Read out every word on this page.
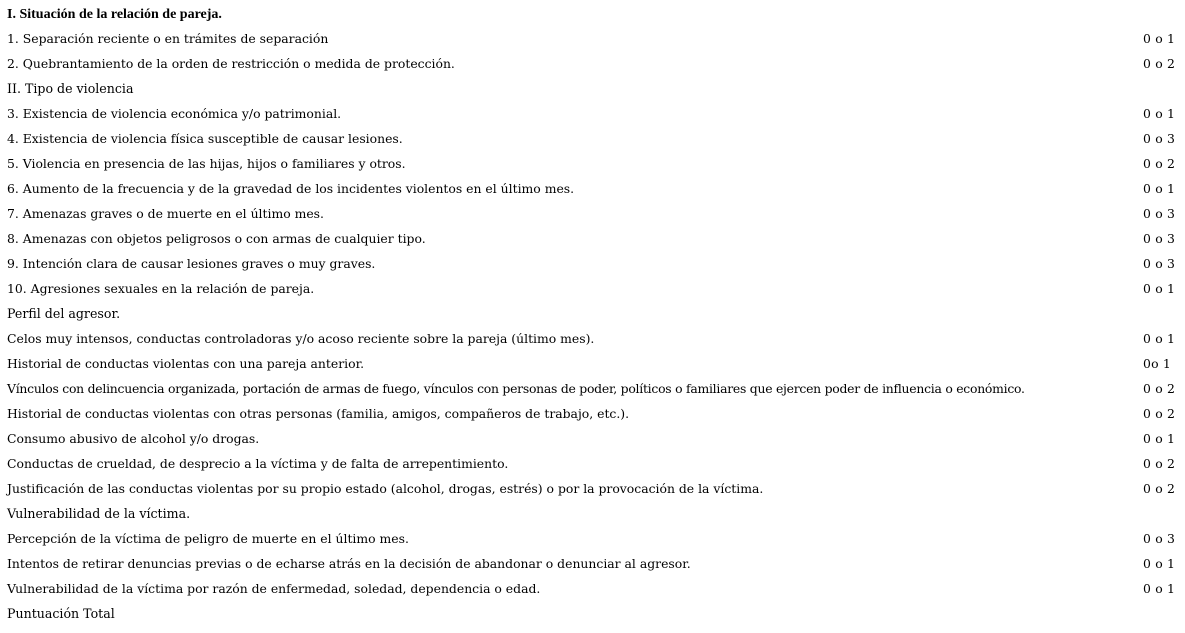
I. Situación de la relación de pareja.
1. Separación reciente o en trámites de separación	0 o 1
2. Quebrantamiento de la orden de restricción o medida de protección.	0 o 2
II. Tipo de violencia
3. Existencia de violencia económica y/o patrimonial.	0 o 1
4. Existencia de violencia física susceptible de causar lesiones.	0 o 3
5. Violencia en presencia de las hijas, hijos o familiares y otros.	0 o 2
6. Aumento de la frecuencia y de la gravedad de los incidentes violentos en el último mes.	0 o 1
7. Amenazas graves o de muerte en el último mes.	0 o 3
8. Amenazas con objetos peligrosos o con armas de cualquier tipo.	0 o 3
9. Intención clara de causar lesiones graves o muy graves.	0 o 3
10. Agresiones sexuales en la relación de pareja.	0 o 1
Perfil del agresor.
Celos muy intensos, conductas controladoras y/o acoso reciente sobre la pareja (último mes).	0 o 1
Historial de conductas violentas con una pareja anterior.	0o 1
Vínculos con delincuencia organizada, portación de armas de fuego, vínculos con personas de poder, políticos o familiares que ejercen poder de influencia o económico.	0 o 2
Historial de conductas violentas con otras personas (familia, amigos, compañeros de trabajo, etc.).	0 o 2
Consumo abusivo de alcohol y/o drogas.	0 o 1
Conductas de crueldad, de desprecio a la víctima y de falta de arrepentimiento.	0 o 2
Justificación de las conductas violentas por su propio estado (alcohol, drogas, estrés) o por la provocación de la víctima.	0 o 2
Vulnerabilidad de la víctima.
Percepción de la víctima de peligro de muerte en el último mes.	0 o 3
Intentos de retirar denuncias previas o de echarse atrás en la decisión de abandonar o denunciar al agresor.	0 o 1
Vulnerabilidad de la víctima por razón de enfermedad, soledad, dependencia o edad.	0 o 1
Puntuación Total
